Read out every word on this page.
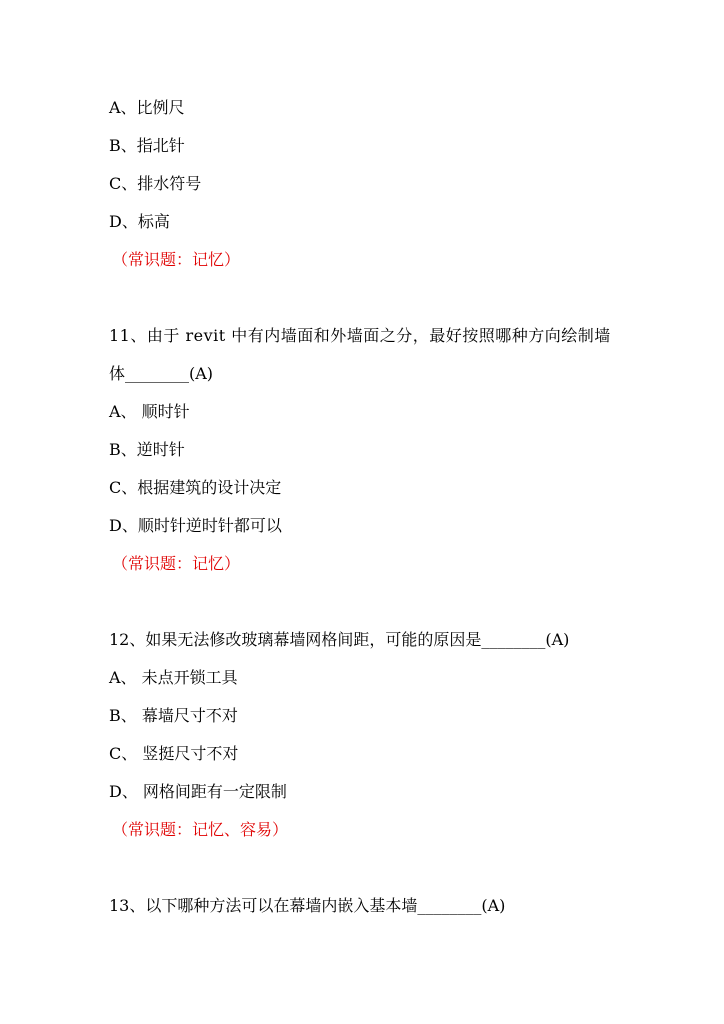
A、比例尺
B、指北针
C、排水符号
D、标高
（常识题：记忆）
11、由于 revit 中有内墙面和外墙面之分，最好按照哪种方向绘制墙
体________(A)
A、 顺时针
B、逆时针
C、根据建筑的设计决定
D、顺时针逆时针都可以
（常识题：记忆）
12、如果无法修改玻璃幕墙网格间距，可能的原因是________(A)
A、 未点开锁工具
B、 幕墙尺寸不对
C、 竖挺尺寸不对
D、 网格间距有一定限制
（常识题：记忆、容易）
13、以下哪种方法可以在幕墙内嵌入基本墙________(A)
